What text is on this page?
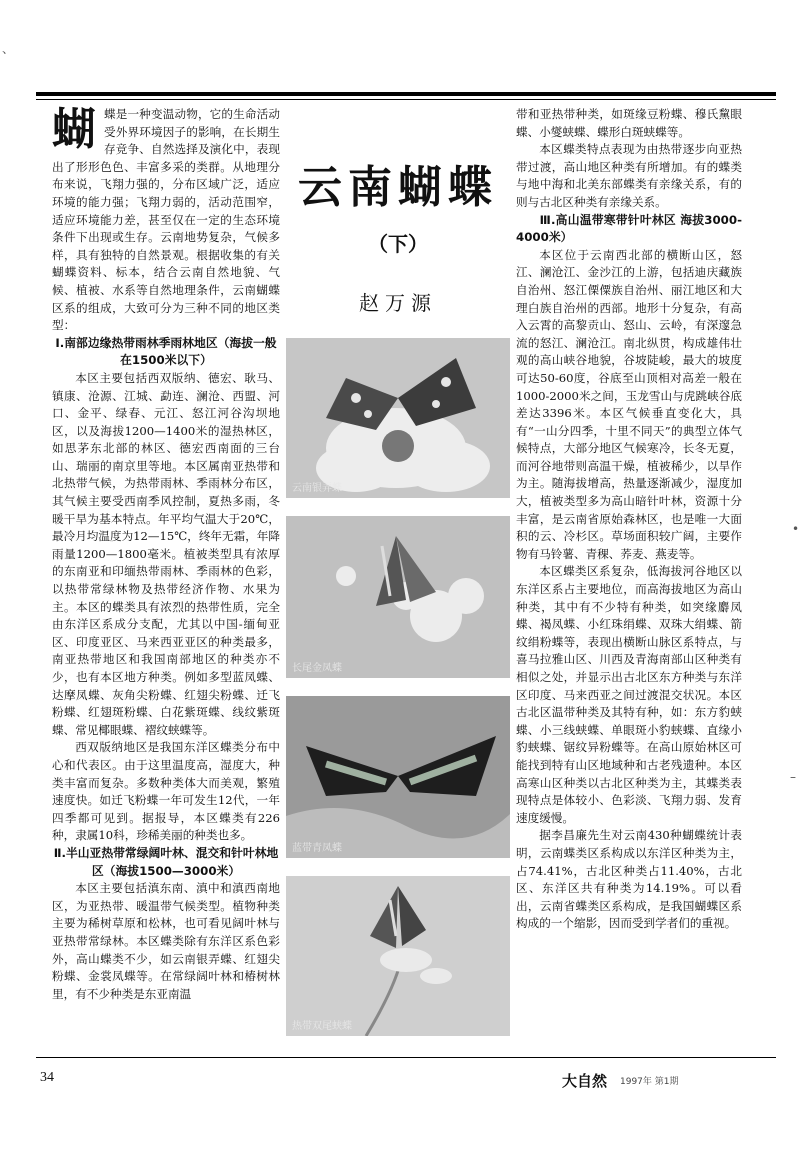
蝴蝶是一种变温动物，它的生命活动受外界环境因子的影响，在长期生存竞争、自然选择及演化中，表现出了形形色色、丰富多采的类群。从地理分布来说，飞翔力强的，分布区域广泛，适应环境的能力强；飞翔力弱的，活动范围窄，适应环境能力差，甚至仅在一定的生态环境条件下出现或生存。云南地势复杂，气候多样，具有独特的自然景观。根据收集的有关蝴蝶资料、标本，结合云南自然地貌、气候、植被、水系等自然地理条件，云南蝴蝶区系的组成，大致可分为三种不同的地区类型：

Ⅰ.南部边缘热带雨林季雨林地区（海拔一般在1500米以下）

本区主要包括西双版纳、德宏、耿马、镇康、沧源、江城、勐连、澜沧、西盟、河口、金平、绿春、元江、怒江河谷沟坝地区，以及海拔1200—1400米的湿热林区，如思茅东北部的林区、德宏西南面的三台山、瑞丽的南京里等地。本区属南亚热带和北热带气候，为热带雨林、季雨林分布区，其气候主要受西南季风控制，夏热多雨，冬暖干旱为基本特点。年平均气温大于20℃，最冷月均温度为12—15℃，终年无霜，年降雨量1200—1800毫米。植被类型具有浓厚的东南亚和印缅热带雨林、季雨林的色彩，以热带常绿林物及热带经济作物、水果为主。本区的蝶类具有浓烈的热带性质，完全由东洋区系成分支配，尤其以中国-缅甸亚区、印度亚区、马来西亚亚区的种类最多，南亚热带地区和我国南部地区的种类亦不少，也有本区地方种类。例如多型蓝凤蝶、达摩凤蝶、灰角尖粉蝶、红翅尖粉蝶、迁飞粉蝶、红翅斑粉蝶、白花紫斑蝶、线纹紫斑蝶、常见椰眼蝶、褶纹蛱蝶等。

西双版纳地区是我国东洋区蝶类分布中心和代表区。由于这里温度高，湿度大，种类丰富而复杂。多数种类体大而美观，繁殖速度快。如迁飞粉蝶一年可发生12代，一年四季都可见到。据报导，本区蝶类有226种，隶属10科，珍稀美丽的种类也多。

Ⅱ.半山亚热带常绿阔叶林、混交和针叶林地区（海拔1500—3000米）

本区主要包括滇东南、滇中和滇西南地区，为亚热带、暖温带气候类型。植物种类主要为稀树草原和松林，也可看见阔叶林与亚热带常绿林。本区蝶类除有东洋区系色彩外，高山蝶类不少，如云南银弄蝶、红翅尖粉蝶、金裳凤蝶等。在常绿阔叶林和椿树林里，有不少种类是东亚南温

云南蝴蝶
（下）
赵万源
云南银弄蝶
长尾金凤蝶
蓝带青凤蝶
热带双尾蛱蝶

带和亚热带种类，如斑缘豆粉蝶、穆氏黧眼蝶、小燮蛱蝶、蝶形白斑蛱蝶等。

本区蝶类特点表现为由热带逐步向亚热带过渡，高山地区种类有所增加。有的蝶类与地中海和北美东部蝶类有亲缘关系，有的则与古北区种类有亲缘关系。

Ⅲ.高山温带寒带针叶林区 海拔3000-4000米）

本区位于云南西北部的横断山区，怒江、澜沧江、金沙江的上游，包括迪庆藏族自治州、怒江傈僳族自治州、丽江地区和大理白族自治州的西部。地形十分复杂，有高入云霄的高黎贡山、怒山、云岭，有深邃急流的怒江、澜沧江。南北纵贯，构成雄伟壮观的高山峡谷地貌，谷坡陡峻，最大的坡度可达50-60度，谷底至山顶相对高差一般在1000-2000米之间，玉龙雪山与虎跳峡谷底差达3396米。本区气候垂直变化大，具有“一山分四季，十里不同天”的典型立体气候特点，大部分地区气候寒冷，长冬无夏，而河谷地带则高温干燥，植被稀少，以旱作为主。随海拔增高，热量逐渐减少，湿度加大，植被类型多为高山暗针叶林，资源十分丰富，是云南省原始森林区，也是唯一大面积的云、冷杉区。草场面积较广阔，主要作物有马铃薯、青稞、荞麦、燕麦等。

本区蝶类区系复杂，低海拔河谷地区以东洋区系占主要地位，而高海拔地区为高山种类，其中有不少特有种类，如突缘麝凤蝶、褐凤蝶、小红珠绢蝶、双珠大绢蝶、箭纹绢粉蝶等，表现出横断山脉区系特点，与喜马拉雅山区、川西及青海南部山区种类有相似之处，并显示出古北区东方种类与东洋区印度、马来西亚之间过渡混交状况。本区古北区温带种类及其特有种，如：东方豹蛱蝶、小三线蛱蝶、单眼斑小豹蛱蝶、直缘小豹蛱蝶、锯纹异粉蝶等。在高山原始林区可能找到特有山区地域种和古老残遗种。本区高寒山区种类以古北区种类为主，其蝶类表现特点是体较小、色彩淡、飞翔力弱、发育速度缓慢。

据李昌廉先生对云南430种蝴蝶统计表明，云南蝶类区系构成以东洋区种类为主，占74.41%，古北区种类占11.40%，古北区、东洋区共有种类为14.19%。可以看出，云南省蝶类区系构成，是我国蝴蝶区系构成的一个缩影，因而受到学者们的重视。

34	大自然 1997年 第1期
、
•
–
